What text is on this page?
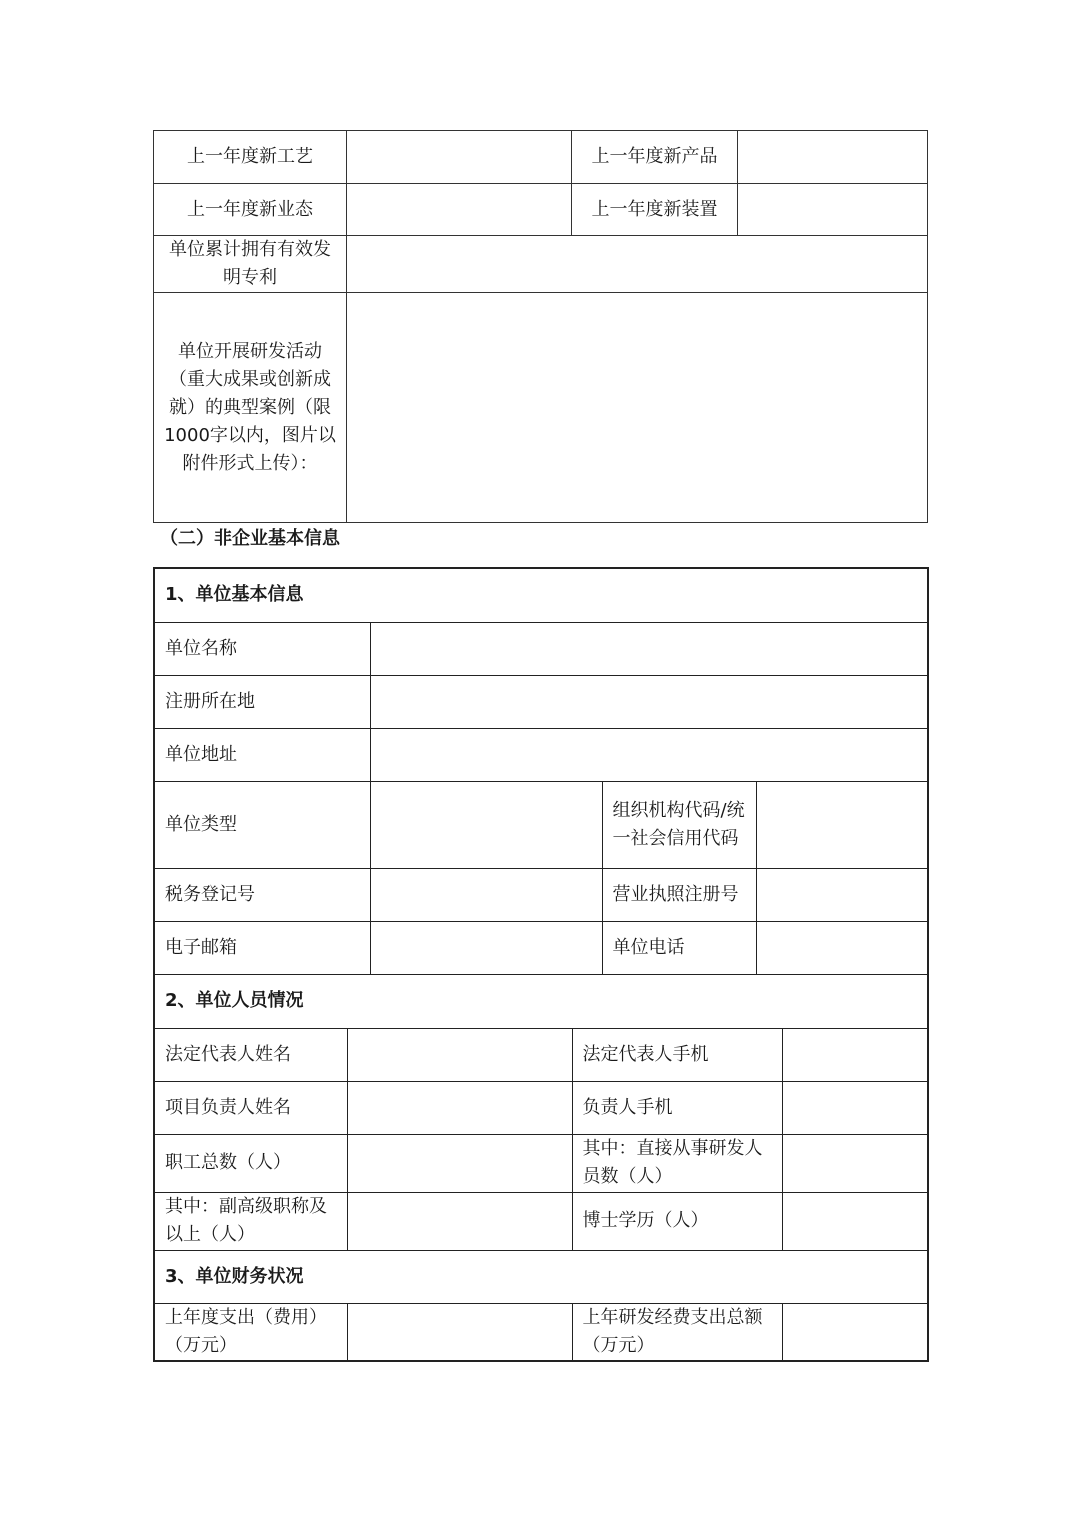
上一年度新工艺		上一年度新产品	
上一年度新业态		上一年度新装置	
单位累计拥有有效发明专利			
单位开展研发活动（重大成果或创新成就）的典型案例（限1000字以内，图片以附件形式上传）：			
（二）非企业基本信息
1、单位基本信息						
单位名称						
注册所在地						
单位地址						
单位类型				组织机构代码/统一社会信用代码		
税务登记号				营业执照注册号		
电子邮箱				单位电话		
2、单位人员情况						
法定代表人姓名			法定代表人手机			
项目负责人姓名			负责人手机			
职工总数（人）			其中：直接从事研发人员数（人）			
其中：副高级职称及以上（人）			博士学历（人）			
3、单位财务状况						
上年度支出（费用）（万元）			上年研发经费支出总额（万元）			
